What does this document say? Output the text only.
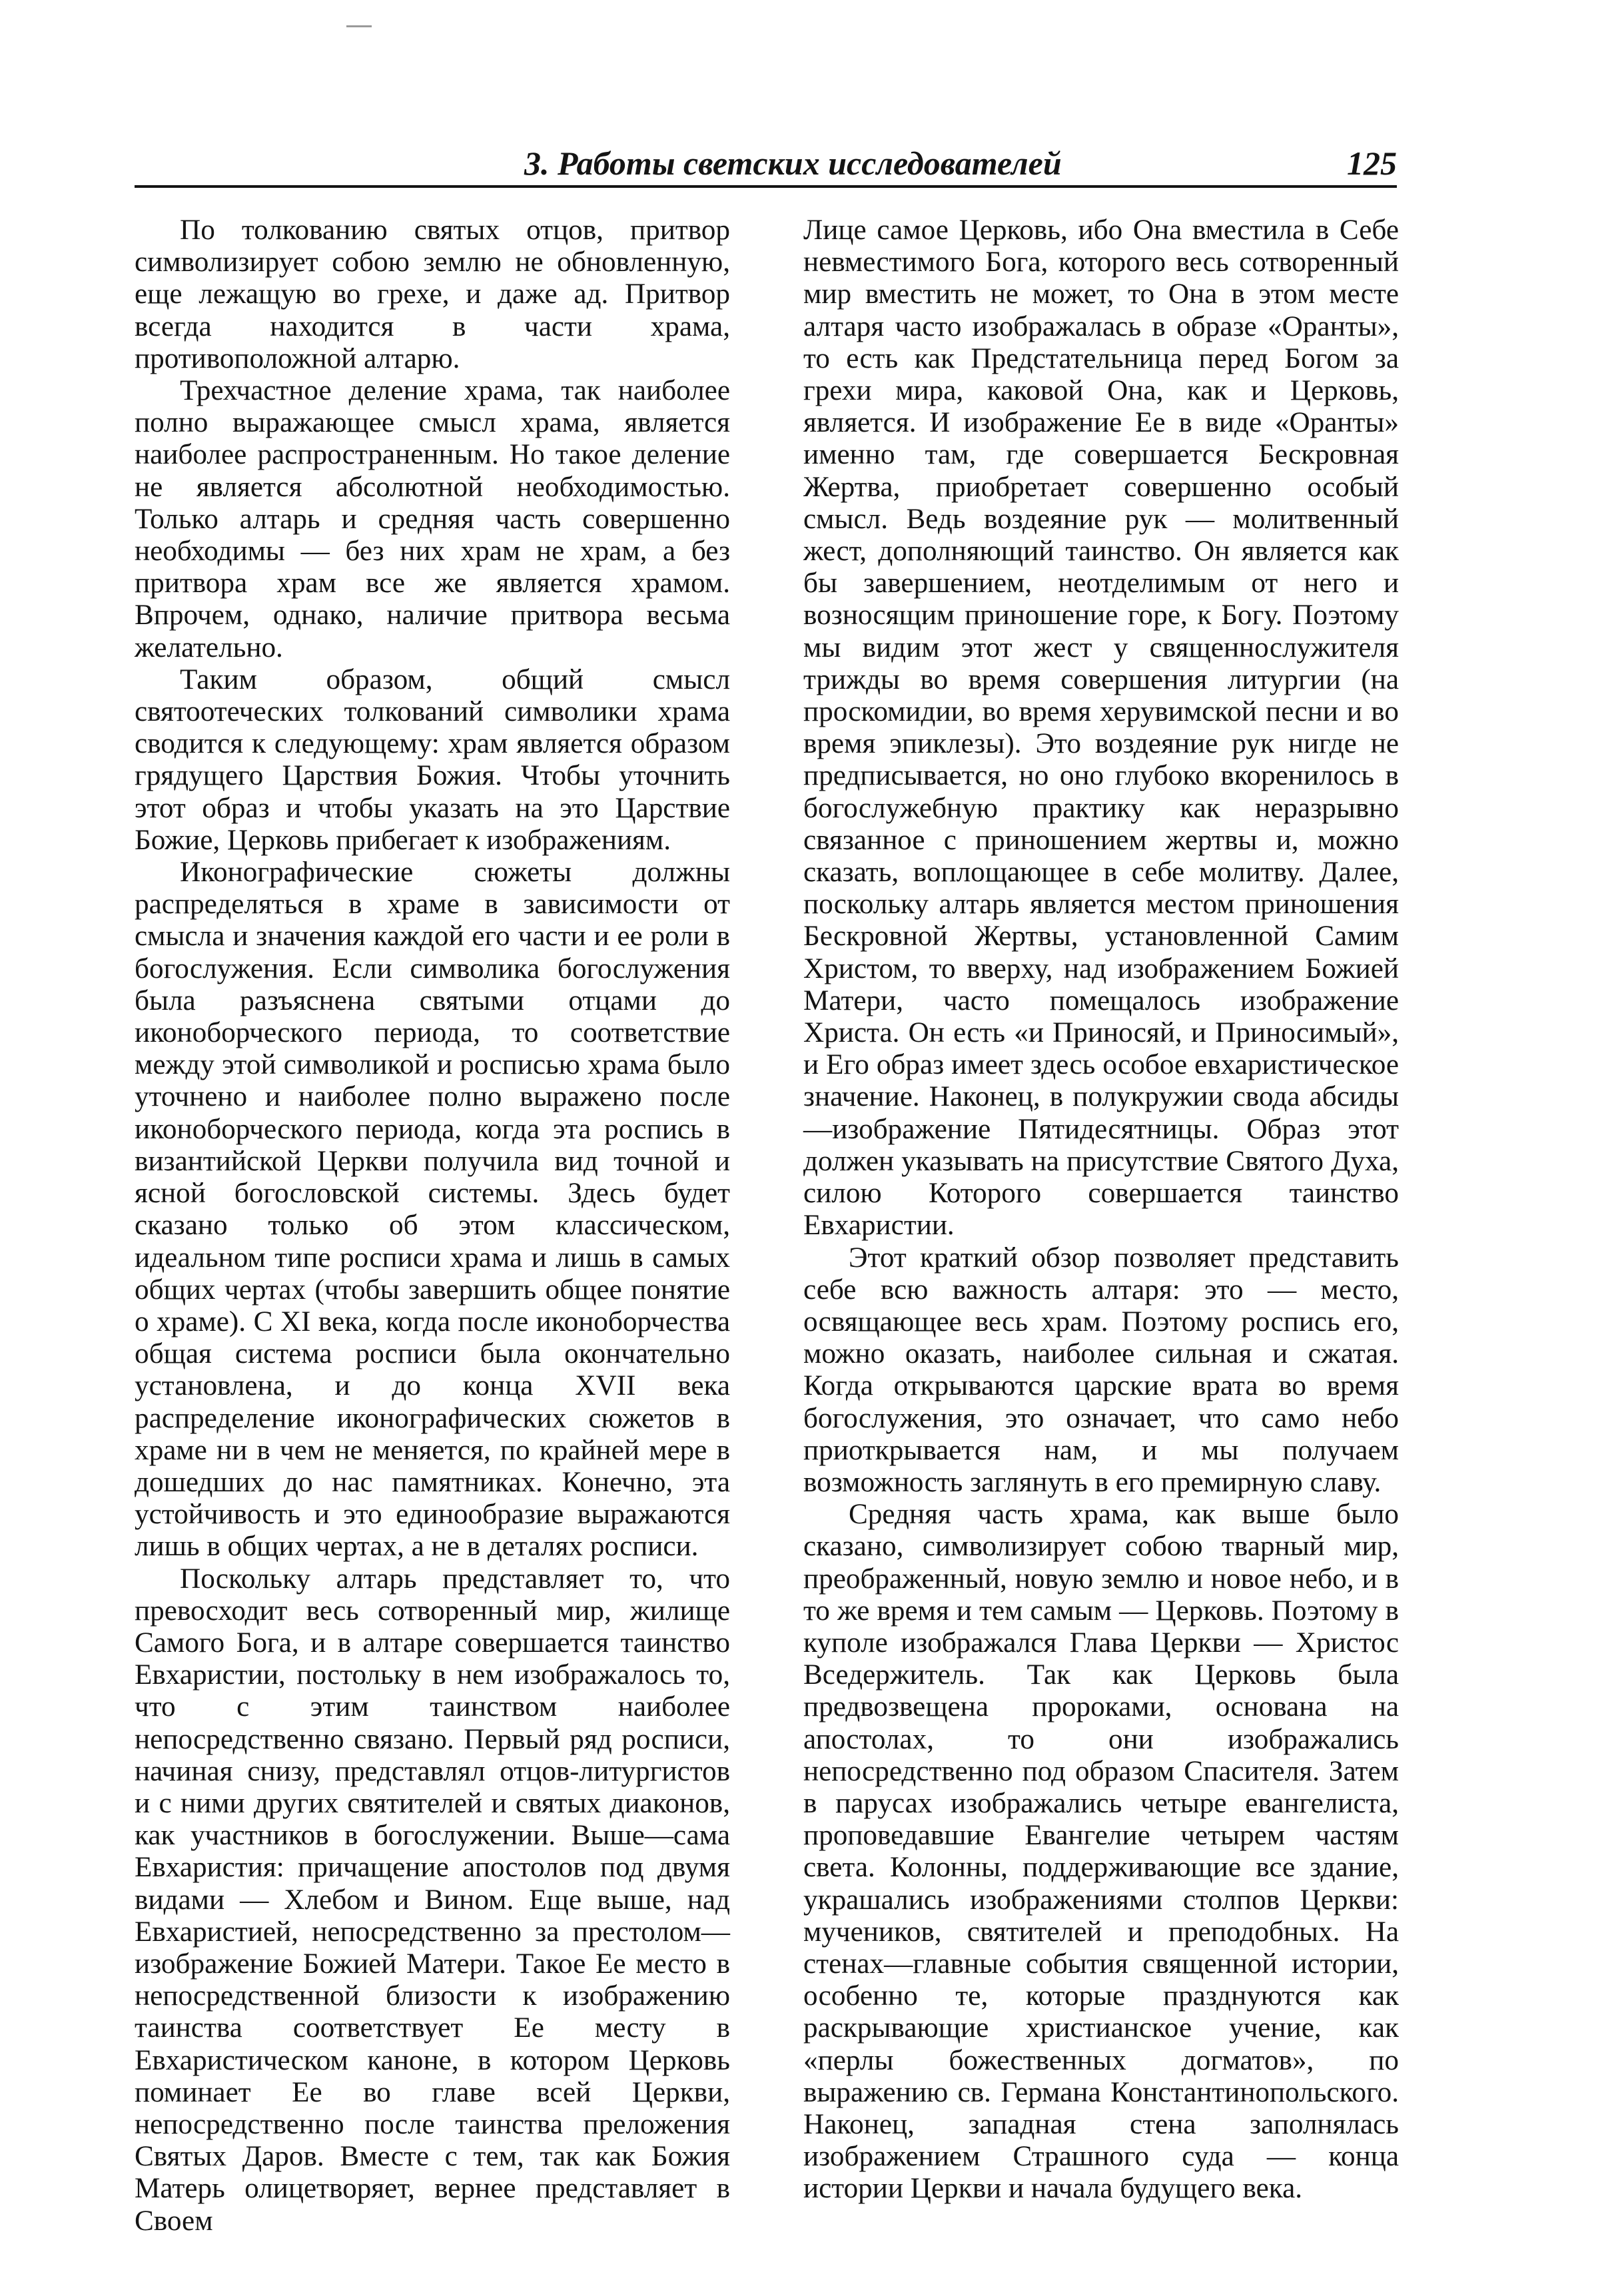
3. Работы светских исследователей	125

По толкованию святых отцов, притвор символизирует собою землю не обновленную, еще лежащую во грехе, и даже ад. Притвор всегда находится в части храма, противоположной алтарю.

Трехчастное деление храма, так наиболее полно выражающее смысл храма, является наиболее распространенным. Но такое деление не является абсолютной необходимостью. Только алтарь и средняя часть совершенно необходимы — без них храм не храм, а без притвора храм все же является храмом. Впрочем, однако, наличие притвора весьма желательно.

Таким образом, общий смысл святоотеческих толкований символики храма сводится к следующему: храм является образом грядущего Царствия Божия. Чтобы уточнить этот образ и чтобы указать на это Царствие Божие, Церковь прибегает к изображениям.

Иконографические сюжеты должны распределяться в храме в зависимости от смысла и значения каждой его части и ее роли в богослужения. Если символика богослужения была разъяснена святыми отцами до иконоборческого периода, то соответствие между этой символикой и росписью храма было уточнено и наиболее полно выражено после иконоборческого периода, когда эта роспись в византийской Церкви получила вид точной и ясной богословской системы. Здесь будет сказано только об этом классическом, идеальном типе росписи храма и лишь в самых общих чертах (чтобы завершить общее понятие о храме). С XI века, когда после иконоборчества общая система росписи была окончательно установлена, и до конца XVII века распределение иконографических сюжетов в храме ни в чем не меняется, по крайней мере в дошедших до нас памятниках. Конечно, эта устойчивость и это единообразие выражаются лишь в общих чертах, а не в деталях росписи.

Поскольку алтарь представляет то, что превосходит весь сотворенный мир, жилище Самого Бога, и в алтаре совершается таинство Евхаристии, постольку в нем изображалось то, что с этим таинством наиболее непосредственно связано. Первый ряд росписи, начиная снизу, представлял отцов-литургистов и с ними других святителей и святых диаконов, как участников в богослужении. Выше—сама Евхаристия: причащение апостолов под двумя видами — Хлебом и Вином. Еще выше, над Евхаристией, непосредственно за престолом—изображение Божией Матери. Такое Ее место в непосредственной близости к изображению таинства соответствует Ее месту в Евхаристическом каноне, в котором Церковь поминает Ее во главе всей Церкви, непосредственно после таинства преложения Святых Даров. Вместе с тем, так как Божия Матерь олицетворяет, вернее представляет в Своем

Лице самое Церковь, ибо Она вместила в Себе невместимого Бога, которого весь сотворенный мир вместить не может, то Она в этом месте алтаря часто изображалась в образе «Оранты», то есть как Предстательница перед Богом за грехи мира, каковой Она, как и Церковь, является. И изображение Ее в виде «Оранты» именно там, где совершается Бескровная Жертва, приобретает совершенно особый смысл. Ведь воздеяние рук — молитвенный жест, дополняющий таинство. Он является как бы завершением, неотделимым от него и возносящим приношение горе, к Богу. Поэтому мы видим этот жест у священнослужителя трижды во время совершения литургии (на проскомидии, во время херувимской песни и во время эпиклезы). Это воздеяние рук нигде не предписывается, но оно глубоко вкоренилось в богослужебную практику как неразрывно связанное с приношением жертвы и, можно сказать, воплощающее в себе молитву. Далее, поскольку алтарь является местом приношения Бескровной Жертвы, установленной Самим Христом, то вверху, над изображением Божией Матери, часто помещалось изображение Христа. Он есть «и Приносяй, и Приносимый», и Его образ имеет здесь особое евхаристическое значение. Наконец, в полукружии свода абсиды—изображение Пятидесятницы. Образ этот должен указывать на присутствие Святого Духа, силою Которого совершается таинство Евхаристии.

Этот краткий обзор позволяет представить себе всю важность алтаря: это — место, освящающее весь храм. Поэтому роспись его, можно оказать, наиболее сильная и сжатая. Когда открываются царские врата во время богослужения, это означает, что само небо приоткрывается нам, и мы получаем возможность заглянуть в его премирную славу.

Средняя часть храма, как выше было сказано, символизирует собою тварный мир, преображенный, новую землю и новое небо, и в то же время и тем самым — Церковь. Поэтому в куполе изображался Глава Церкви — Христос Вседержитель. Так как Церковь была предвозвещена пророками, основана на апостолах, то они изображались непосредственно под образом Спасителя. Затем в парусах изображались четыре евангелиста, проповедавшие Евангелие четырем частям света. Колонны, поддерживающие все здание, украшались изображениями столпов Церкви: мучеников, святителей и преподобных. На стенах—главные события священной истории, особенно те, которые празднуются как раскрывающие христианское учение, как «перлы божественных догматов», по выражению св. Германа Константинопольского. Наконец, западная стена заполнялась изображением Страшного суда — конца истории Церкви и начала будущего века.
